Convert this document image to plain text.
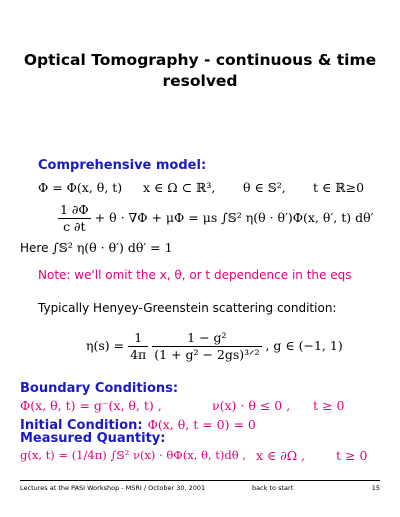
Optical Tomography - continuous & time
resolved
Comprehensive model:
Φ = Φ(x, θ, t) x ∈ Ω ⊂ ℝ³, θ ∈ 𝕊², t ∈ ℝ≥0
$\frac{1 \partial\Phi}{c \partial t} + \theta \cdot \nabla\Phi + \mu\Phi = \mu s$ ∫𝕊² η(θ · θ′)Φ(x, θ′, t) dθ′
Here ∫𝕊² η(θ · θ′) dθ′ = 1
Note: we'll omit the x, θ, or t dependence in the eqs
Typically Henyey-Greenstein scattering condition:
$\eta(s) = \frac{1}{4\pi}$
$\frac{\text{1 − g²}}{\text{(1 + g² − 2gs)³ᐟ²}}$ , g ∈ (−1, 1)
Boundary Conditions:
Φ(x, θ, t) = g⁻(x, θ, t) ,	ν(x) · θ ≤ 0 , t ≥ 0
Initial Condition: Φ(x, θ, t = 0) = 0
Measured Quantity:
g(x, t) = (1/4π) ∫𝕊² ν(x) · θΦ(x, θ, t)dθ , x ∈ ∂Ω , t ≥ 0
Lectures at the PASI Workshop - MSRI / October 30, 2001	back to start	15
